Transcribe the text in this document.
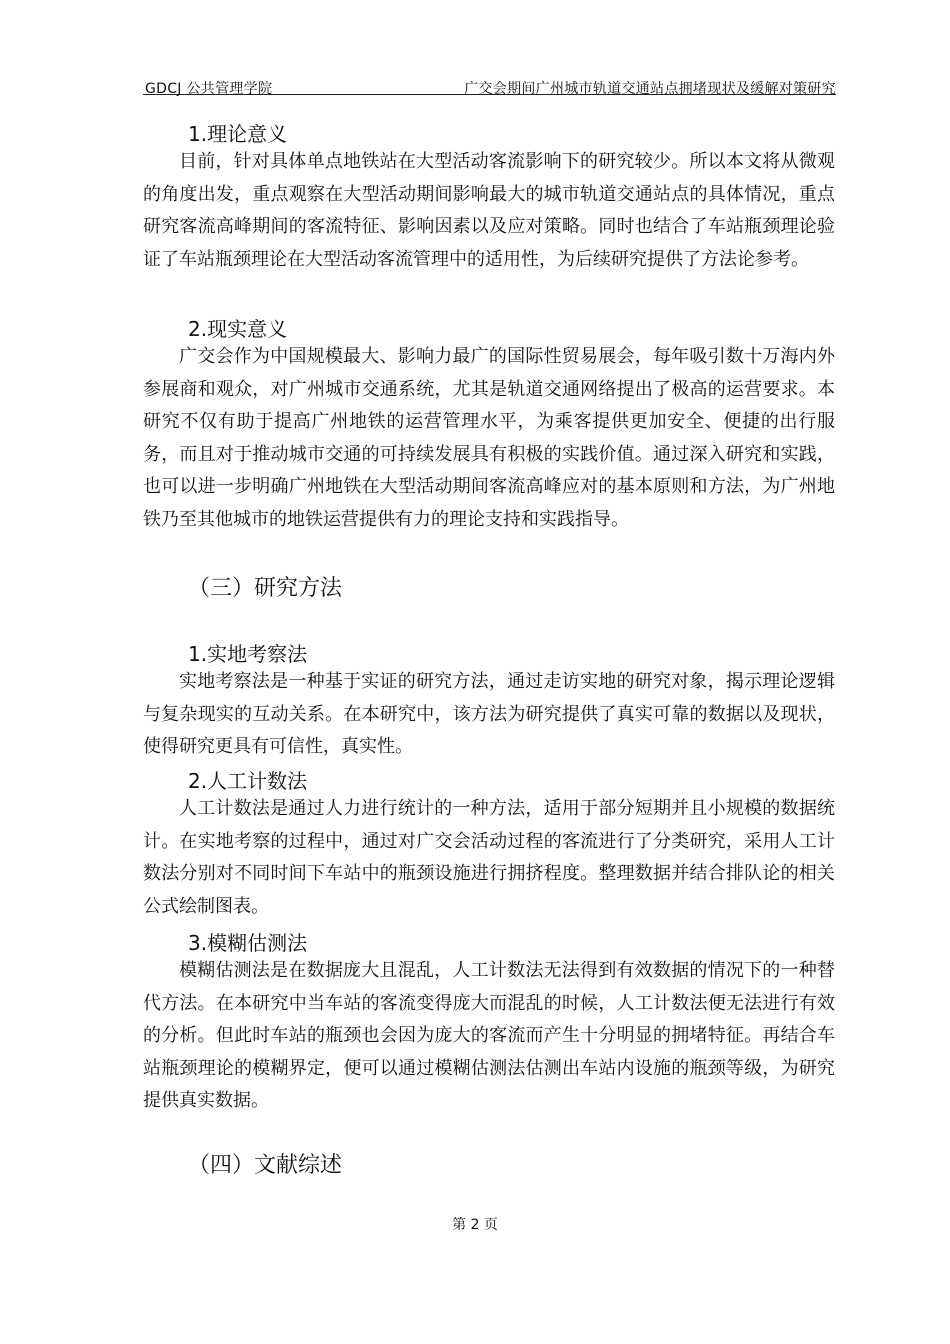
GDCJ 公共管理学院	广交会期间广州城市轨道交通站点拥堵现状及缓解对策研究
1.理论意义

目前，针对具体单点地铁站在大型活动客流影响下的研究较少。所以本文将从微观的角度出发，重点观察在大型活动期间影响最大的城市轨道交通站点的具体情况，重点研究客流高峰期间的客流特征、影响因素以及应对策略。同时也结合了车站瓶颈理论验证了车站瓶颈理论在大型活动客流管理中的适用性，为后续研究提供了方法论参考。

2.现实意义

广交会作为中国规模最大、影响力最广的国际性贸易展会，每年吸引数十万海内外参展商和观众，对广州城市交通系统，尤其是轨道交通网络提出了极高的运营要求。本研究不仅有助于提高广州地铁的运营管理水平，为乘客提供更加安全、便捷的出行服务，而且对于推动城市交通的可持续发展具有积极的实践价值。通过深入研究和实践，也可以进一步明确广州地铁在大型活动期间客流高峰应对的基本原则和方法，为广州地铁乃至其他城市的地铁运营提供有力的理论支持和实践指导。

（三）研究方法
1.实地考察法

实地考察法是一种基于实证的研究方法，通过走访实地的研究对象，揭示理论逻辑与复杂现实的互动关系。在本研究中，该方法为研究提供了真实可靠的数据以及现状，使得研究更具有可信性，真实性。

2.人工计数法

人工计数法是通过人力进行统计的一种方法，适用于部分短期并且小规模的数据统计。在实地考察的过程中，通过对广交会活动过程的客流进行了分类研究，采用人工计数法分别对不同时间下车站中的瓶颈设施进行拥挤程度。整理数据并结合排队论的相关公式绘制图表。

3.模糊估测法

模糊估测法是在数据庞大且混乱，人工计数法无法得到有效数据的情况下的一种替代方法。在本研究中当车站的客流变得庞大而混乱的时候，人工计数法便无法进行有效的分析。但此时车站的瓶颈也会因为庞大的客流而产生十分明显的拥堵特征。再结合车站瓶颈理论的模糊界定，便可以通过模糊估测法估测出车站内设施的瓶颈等级，为研究提供真实数据。

（四）文献综述
第 2 页
